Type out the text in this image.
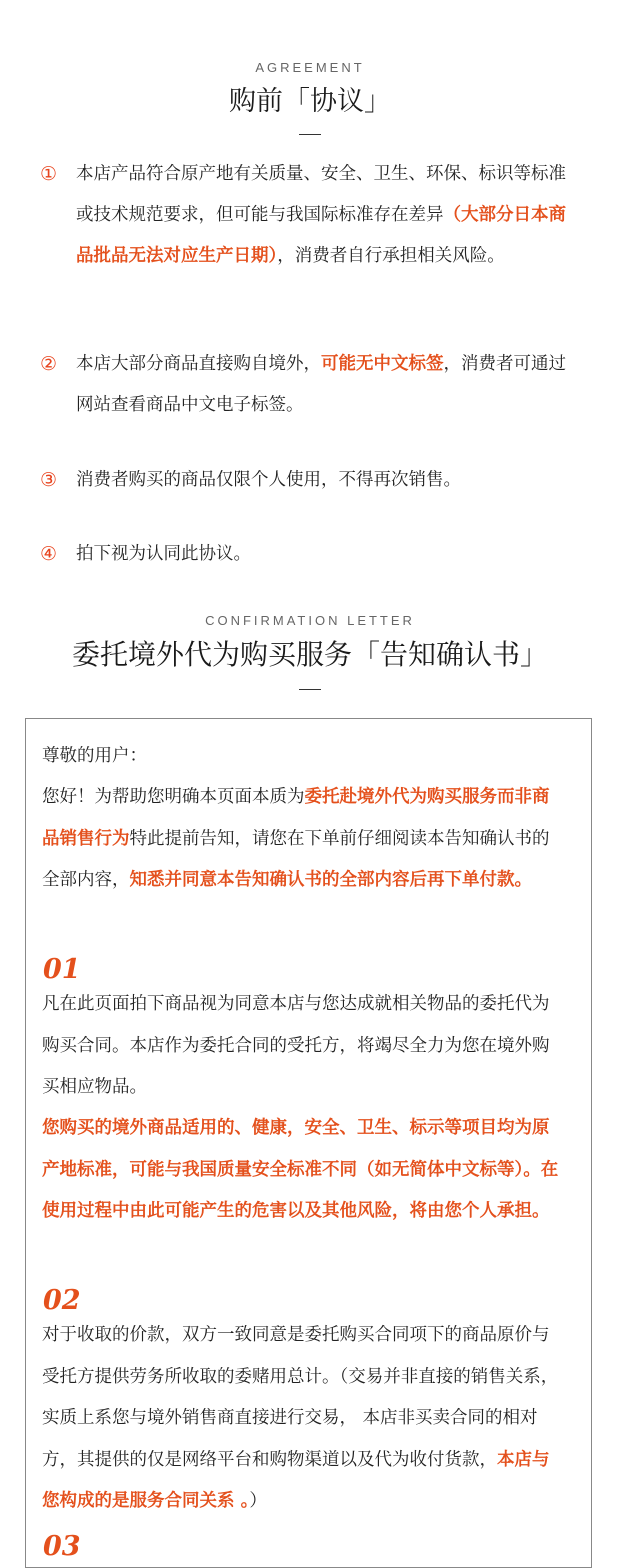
AGREEMENT
购前「协议」
① 本店产品符合原产地有关质量、安全、卫生、环保、标识等标准或技术规范要求，但可能与我国际标准存在差异（大部分日本商品批品无法对应生产日期），消费者自行承担相关风险。
② 本店大部分商品直接购自境外，可能无中文标签，消费者可通过网站查看商品中文电子标签。
③ 消费者购买的商品仅限个人使用，不得再次销售。
④ 拍下视为认同此协议。
CONFIRMATION LETTER
委托境外代为购买服务「告知确认书」
尊敬的用户：
您好！为帮助您明确本页面本质为委托赴境外代为购买服务而非商品销售行为特此提前告知，请您在下单前仔细阅读本告知确认书的全部内容，知悉并同意本告知确认书的全部内容后再下单付款。
01
凡在此页面拍下商品视为同意本店与您达成就相关物品的委托代为购买合同。本店作为委托合同的受托方，将竭尽全力为您在境外购买相应物品。
您购买的境外商品适用的、健康，安全、卫生、标示等项目均为原产地标准，可能与我国质量安全标准不同（如无简体中文标等）。在使用过程中由此可能产生的危害以及其他风险，将由您个人承担。
02
对于收取的价款，双方一致同意是委托购买合同项下的商品原价与受托方提供劳务所收取的委赌用总计。（交易并非直接的销售关系，实质上系您与境外销售商直接进行交易， 本店非买卖合同的相对方，其提供的仅是网络平台和购物渠道以及代为收付货款，本店与您构成的是服务合同关系 。）
03
